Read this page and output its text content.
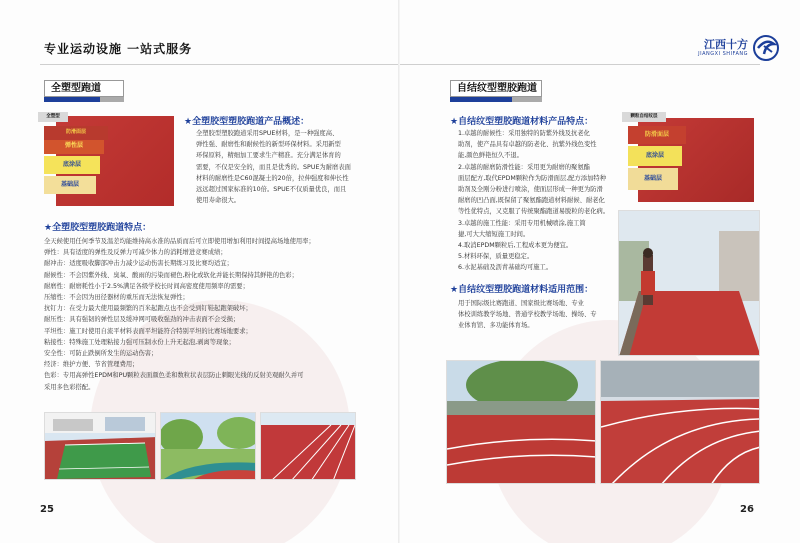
专业运动设施 一站式服务
全塑型跑道
全塑型
防滑面层
弹性层
底涂层
基础层
★全塑胶型塑胶跑道产品概述：
全塑胶型塑胶跑道采用SPUE材料，是一种强度高、
弹性强、耐磨性和耐候性的新型环保材料。采用新型
环保原料，精细加工要求生产精准。充分满足体育的
需要，不仅是安全的，而且是优秀的。SPUE为耐磨表面
材料的耐磨性是C60混凝土的20倍，拉伸强度和伸长性
远远超过国家标准的10倍。SPUE不仅质量优良，而且
使用寿命很大。
★全塑胶型塑胶跑道特点：
全天候使用任何季节及温差均能维持高水准的品质而后可立即使用增加利用时间提高场地使用率；
弹性：具有适度的弹性及反弹力可减少体力的消耗增进竞赛成绩；
耐冲击：适度吸收脚部冲击力减少运动伤害长期练习及比赛均适宜；
耐候性：不会因紫外线、臭氧、酸雨的污染而褪色,粉化或软化并能长期保持其鲜艳的色彩；
耐磨性：耐磨耗性小于2.5%满足各级学校长时间高密度使用频率的需要；
压缩性：不会因为田径器材的重压而无法恢复弹性；
抗钉力：在受力最大使用最频繁的百米起跑点也不会受到钉鞋起跑架破坏；
耐压性：具有强韧的弹性层及缓冲网可吸收强劲的冲击表面不会受损；
平坦性：施工时使用自流平材料表面平坦能符合特别平坦的比赛场地要求；
粘接性：特殊施工处理粘接力强可压制水份上升无起泡,剥离等现象；
安全性：可防止跌倒所发生的运动伤害；
经济：维护方便、节省管理费用；
色彩：专用高弹性EPDM和PU颗粒表面颜色柔和数粒状表层防止刺眼光线的反射美观耐久并可
采用多色彩搭配。
25
江西十方
JIANGXI SHIFANG
自结纹型塑胶跑道
★自结纹型塑胶跑道材料产品特点：
1.卓越的耐候性：采用独特的防紫外线及抗老化
助剂，使产品具有卓越的防老化、抗紫外线色变性
能,颜色鲜艳恒久不退。
2.卓越的耐磨防滑性能：采用更为耐磨的聚氨酯
面层配方,取代EPDM颗粒作为防滑面层,配方添加特种
助剂及全刚分粉进行喷涂，使面层形成一种更为防滑
耐磨的凹凸面,既保留了聚氨酯跑道材料耐候、耐老化
等性优特点，又克服了传统聚酯跑道易脱粒的老化病。
3.卓越的施工性能：采用专用机械喷涂,施工简
捷,可大大缩短施工时间。
4.取消EPDM颗粒后,工程成本更为便宜。
5.材料环保，质量更稳定。
6.水泥基础及沥青基础均可施工。
★自结纹型塑胶跑道材料适用范围：
用于国际级比赛跑道、国家级比赛场地、专业
体校训练教学场地、普通学校教学场地、操场、专
业体育馆、多功能体育场。
颗粒自结纹层
防滑面层
底涂层
基础层
26
